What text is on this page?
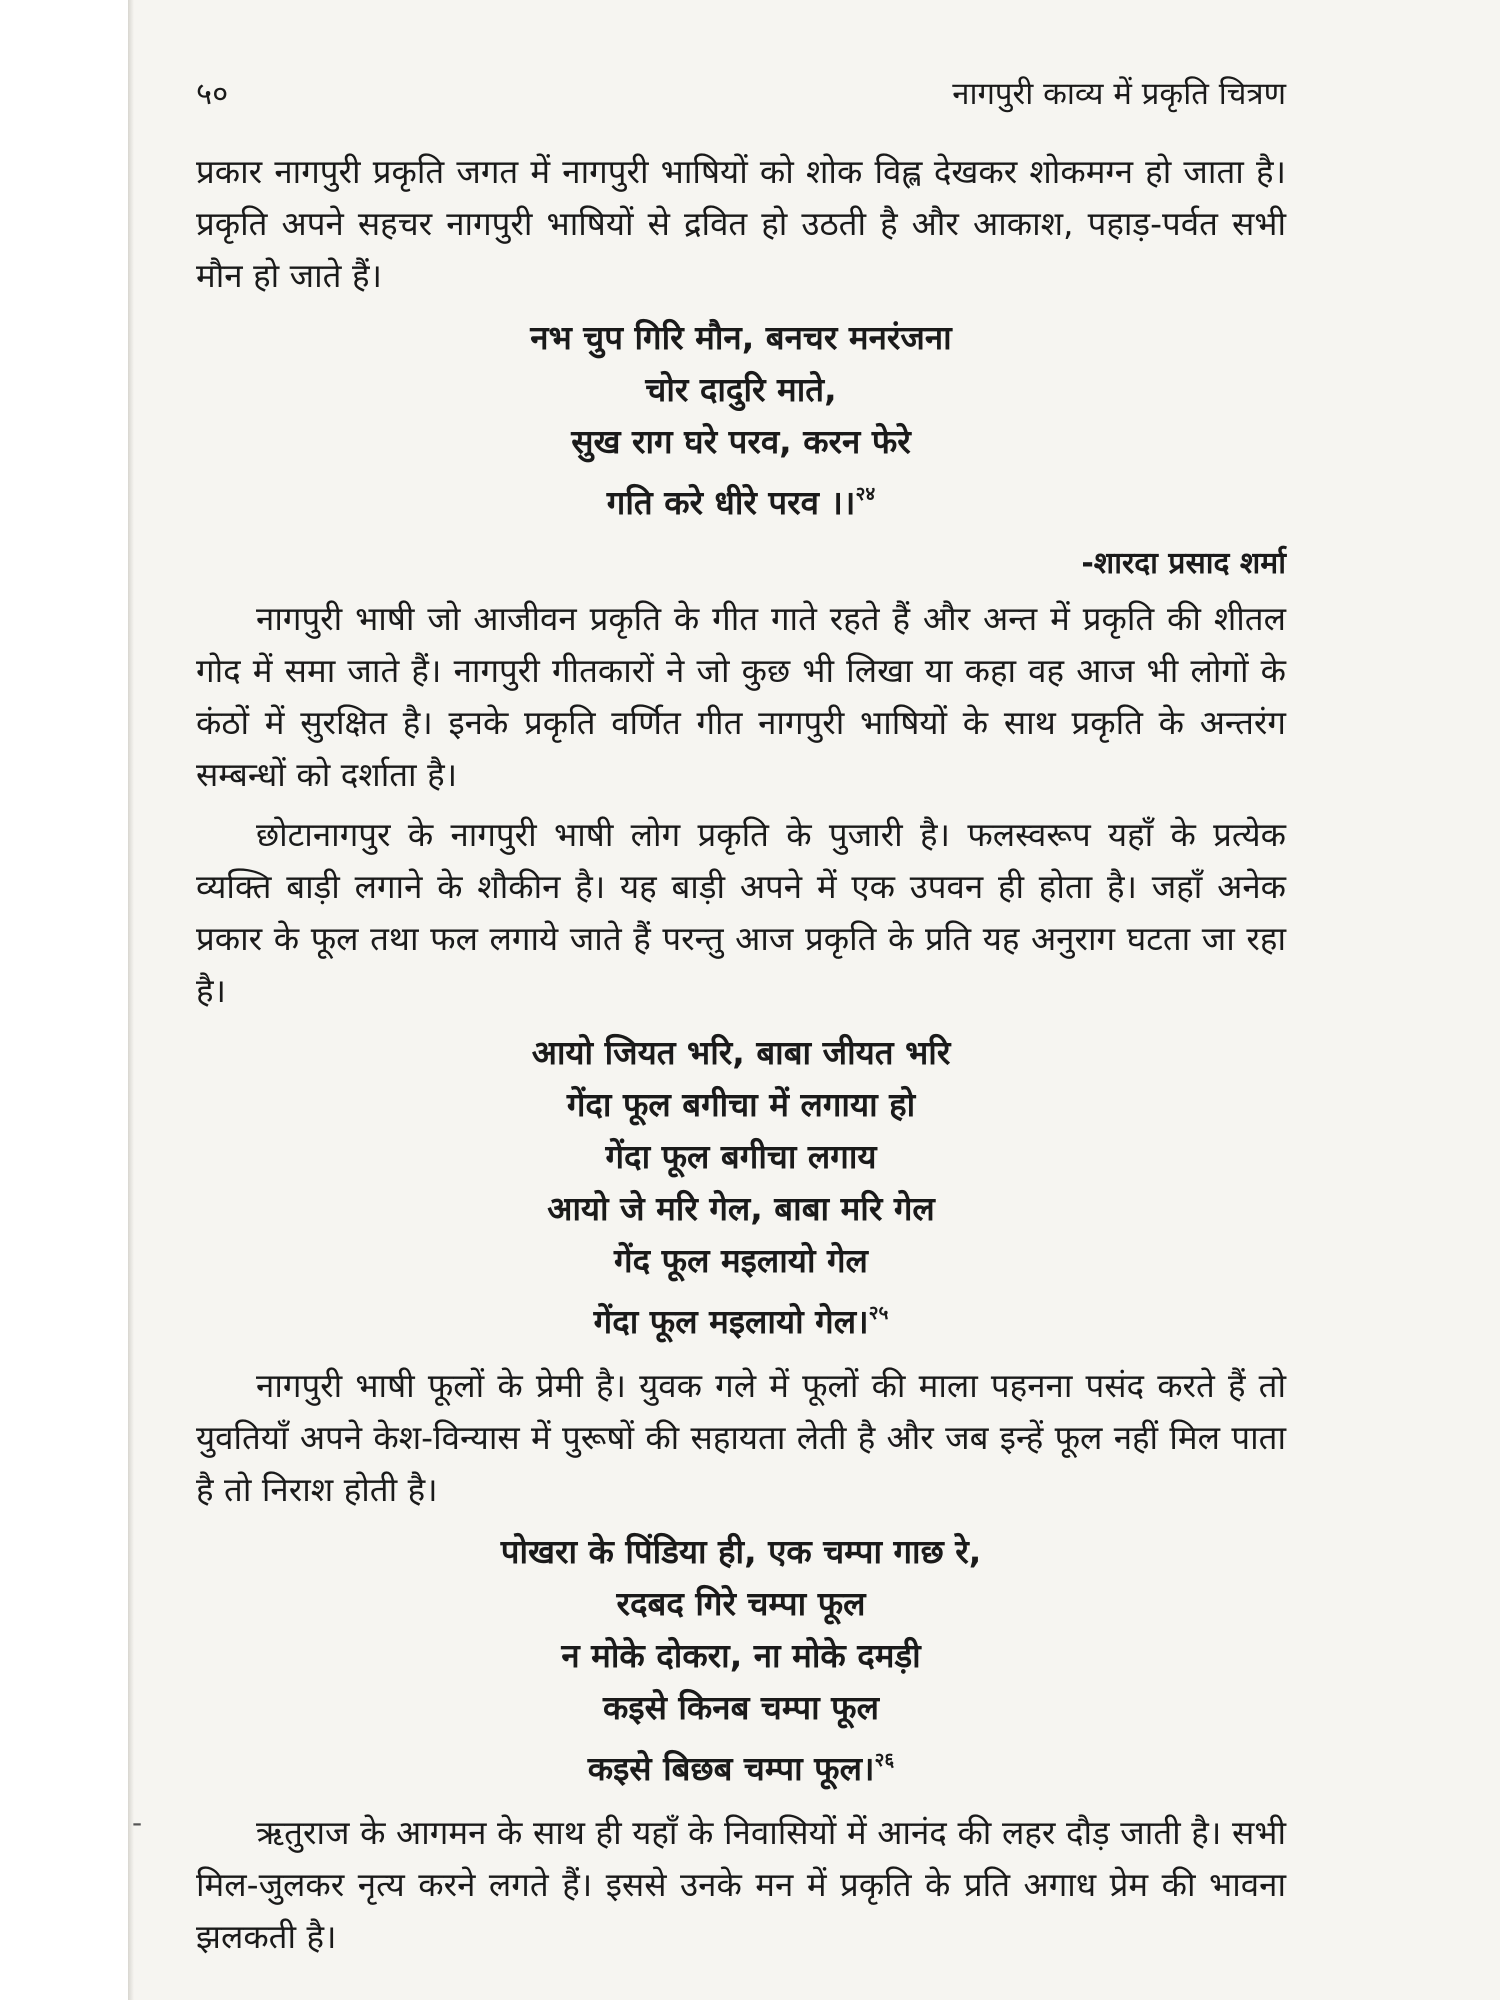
५०	नागपुरी काव्य में प्रकृति चित्रण

प्रकार नागपुरी प्रकृति जगत में नागपुरी भाषियों को शोक विह्ल देखकर शोकमग्न हो जाता है। प्रकृति अपने सहचर नागपुरी भाषियों से द्रवित हो उठती है और आकाश, पहाड़-पर्वत सभी मौन हो जाते हैं।

नभ चुप गिरि मौन, बनचर मनरंजना
चोर दादुरि माते,
सुख राग घरे परव, करन फेरे
गति करे धीरे परव ।।$^{२४}$
-शारदा प्रसाद शर्मा

नागपुरी भाषी जो आजीवन प्रकृति के गीत गाते रहते हैं और अन्त में प्रकृति की शीतल गोद में समा जाते हैं। नागपुरी गीतकारों ने जो कुछ भी लिखा या कहा वह आज भी लोगों के कंठों में सुरक्षित है। इनके प्रकृति वर्णित गीत नागपुरी भाषियों के साथ प्रकृति के अन्तरंग सम्बन्धों को दर्शाता है।

छोटानागपुर के नागपुरी भाषी लोग प्रकृति के पुजारी है। फलस्वरूप यहाँ के प्रत्येक व्यक्ति बाड़ी लगाने के शौकीन है। यह बाड़ी अपने में एक उपवन ही होता है। जहाँ अनेक प्रकार के फूल तथा फल लगाये जाते हैं परन्तु आज प्रकृति के प्रति यह अनुराग घटता जा रहा है।

आयो जियत भरि, बाबा जीयत भरि
गेंदा फूल बगीचा में लगाया हो
गेंदा फूल बगीचा लगाय
आयो जे मरि गेल, बाबा मरि गेल
गेंद फूल मइलायो गेल
गेंदा फूल मइलायो गेल।$^{२५}$

नागपुरी भाषी फूलों के प्रेमी है। युवक गले में फूलों की माला पहनना पसंद करते हैं तो युवतियाँ अपने केश-विन्यास में पुरूषों की सहायता लेती है और जब इन्हें फूल नहीं मिल पाता है तो निराश होती है।

पोखरा के पिंडिया ही, एक चम्पा गाछ रे,
रदबद गिरे चम्पा फूल
न मोके दोकरा, ना मोके दमड़ी
कइसे किनब चम्पा फूल
कइसे बिछब चम्पा फूल।$^{२६}$

ऋतुराज के आगमन के साथ ही यहाँ के निवासियों में आनंद की लहर दौड़ जाती है। सभी मिल-जुलकर नृत्य करने लगते हैं। इससे उनके मन में प्रकृति के प्रति अगाध प्रेम की भावना झलकती है।

-
